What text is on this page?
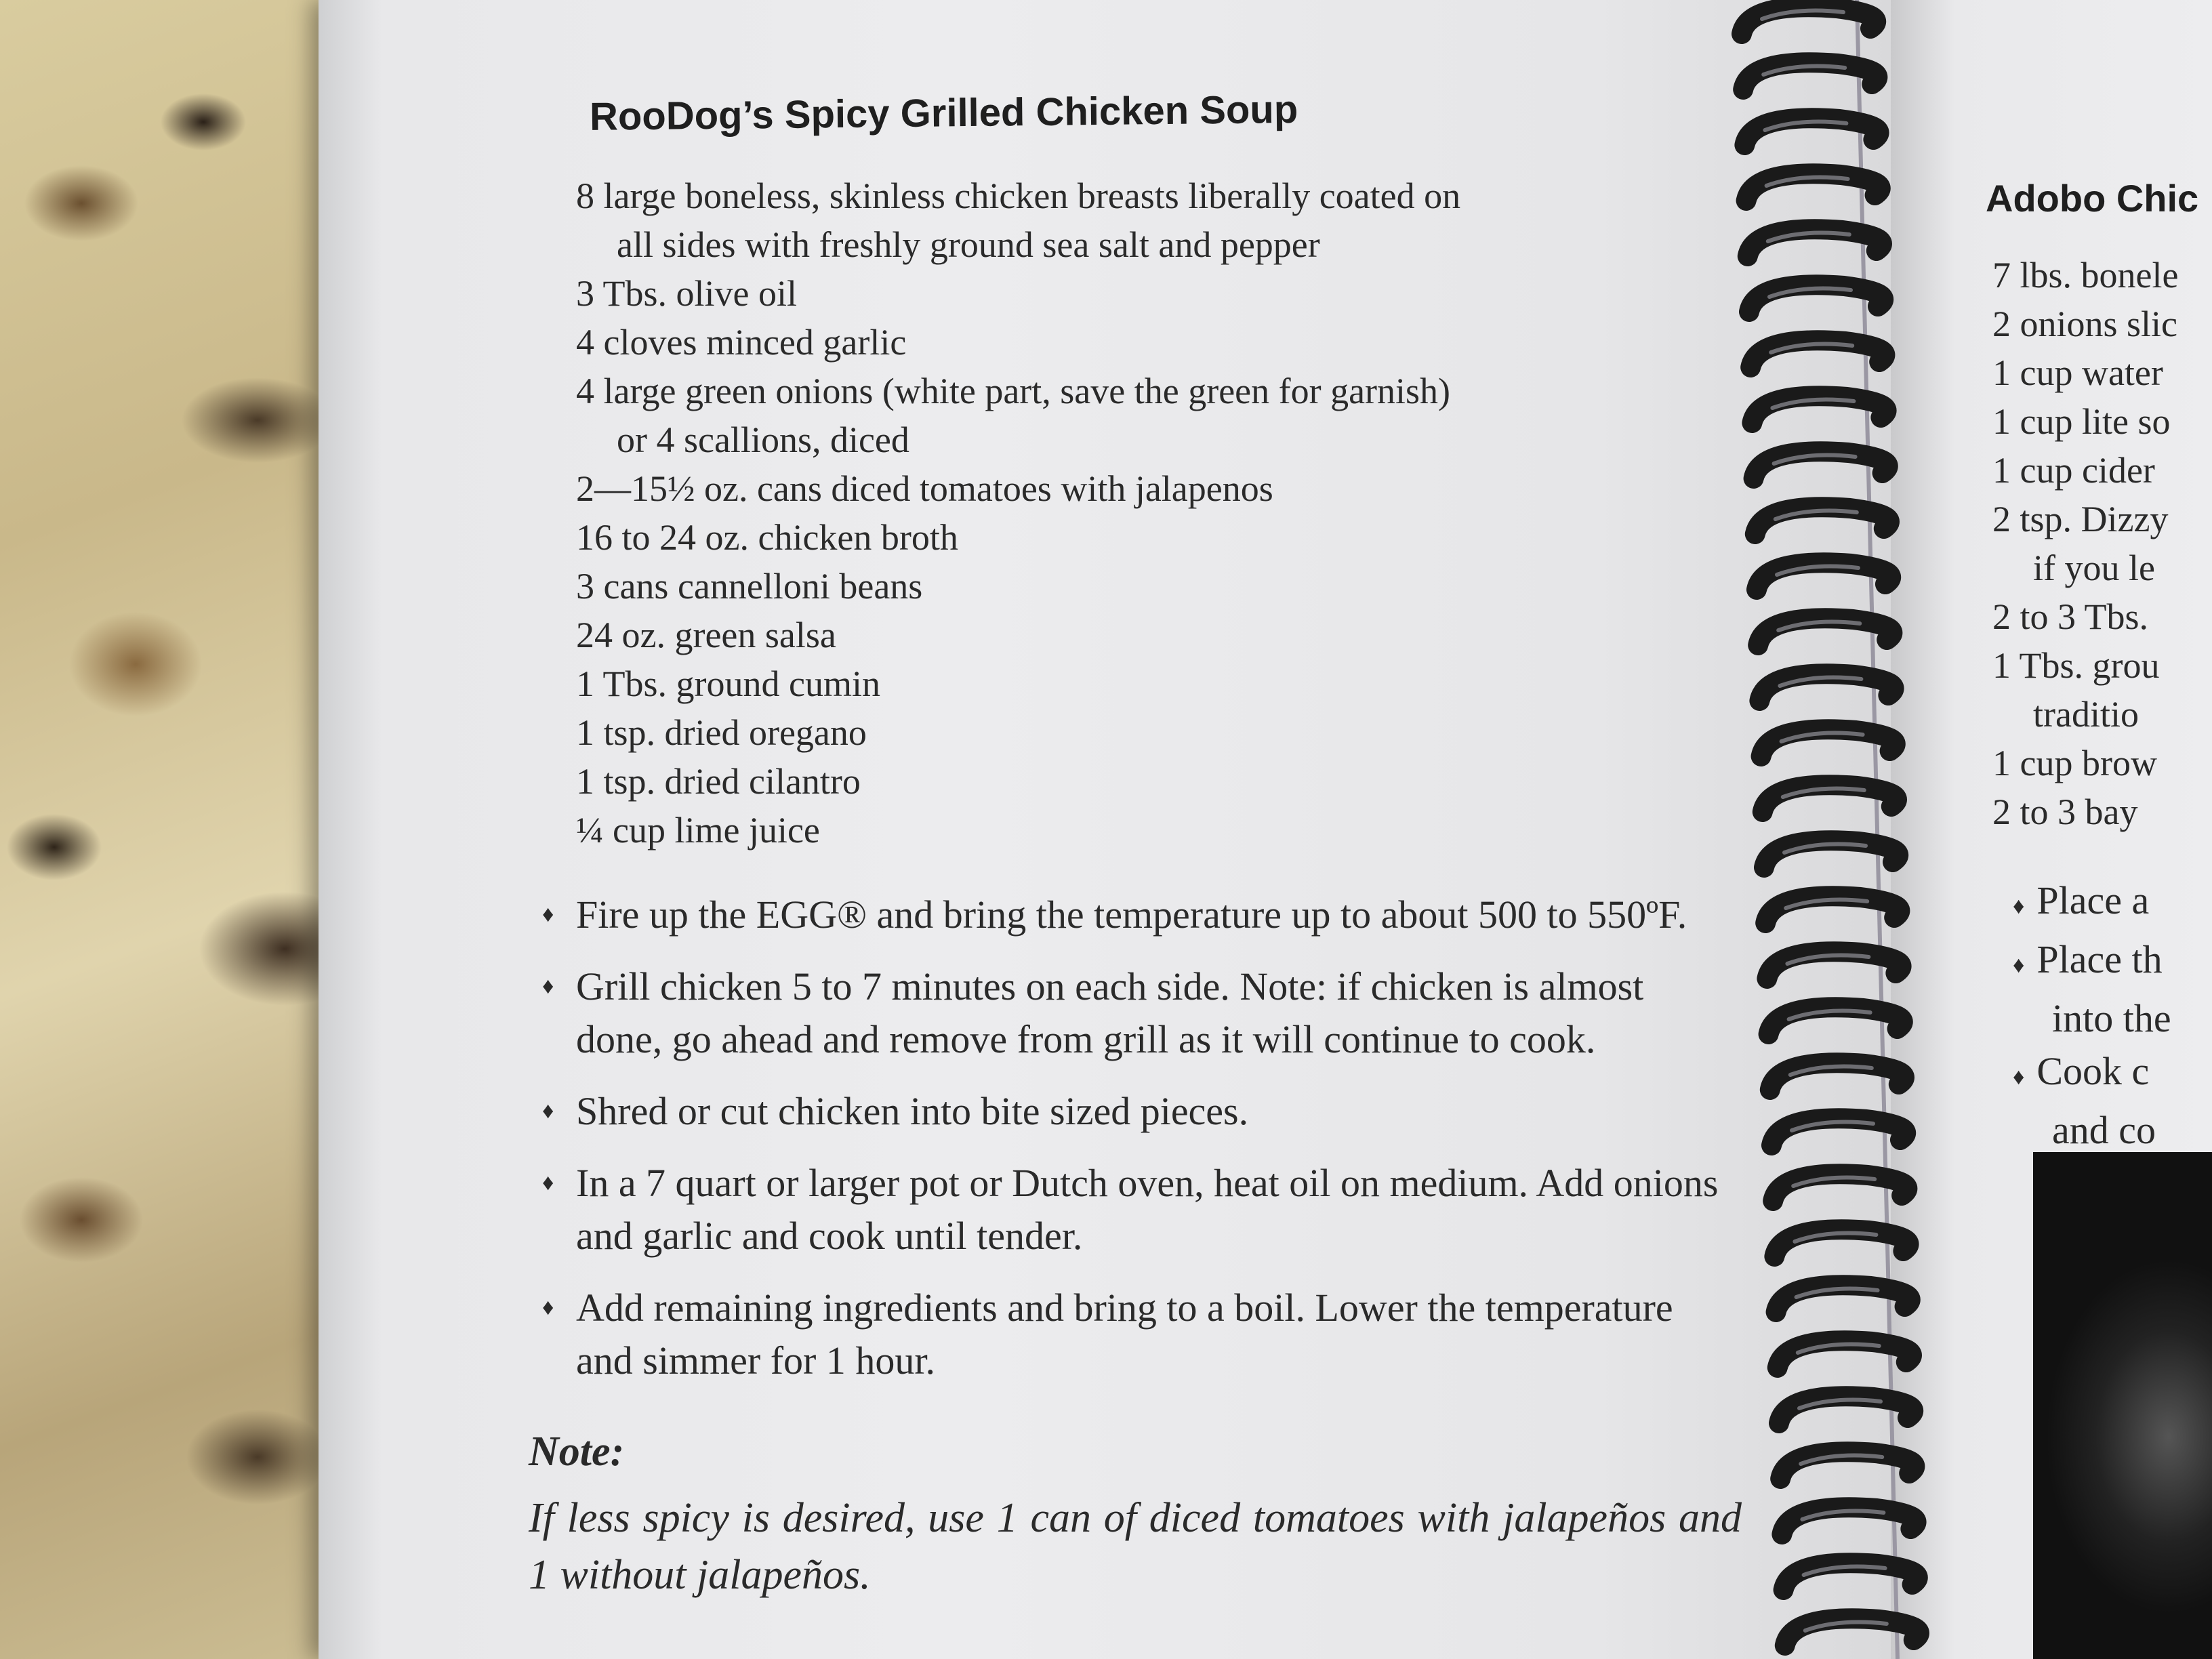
Adobo Chic
7 lbs. bonele
2 onions slic
1 cup water
1 cup lite so
1 cup cider
2 tsp. Dizzy
if you le
2 to 3 Tbs.
1 Tbs. grou
traditio
1 cup brow
2 to 3 bay
♦ Place a
♦ Place th
into the
♦ Cook c
and co
RooDog’s Spicy Grilled Chicken Soup
8 large boneless, skinless chicken breasts liberally coated on
all sides with freshly ground sea salt and pepper
3 Tbs. olive oil
4 cloves minced garlic
4 large green onions (white part, save the green for garnish)
or 4 scallions, diced
2—15½ oz. cans diced tomatoes with jalapenos
16 to 24 oz. chicken broth
3 cans cannelloni beans
24 oz. green salsa
1 Tbs. ground cumin
1 tsp. dried oregano
1 tsp. dried cilantro
¼ cup lime juice
♦ Fire up the EGG® and bring the temperature up to about 500 to 550ºF.
♦ Grill chicken 5 to 7 minutes on each side. Note: if chicken is almost done, go ahead and remove from grill as it will continue to cook.
♦ Shred or cut chicken into bite sized pieces.
♦ In a 7 quart or larger pot or Dutch oven, heat oil on medium. Add onions and garlic and cook until tender.
♦ Add remaining ingredients and bring to a boil. Lower the temperature and simmer for 1 hour.
Note:
If less spicy is desired, use 1 can of diced tomatoes with jalapeños and 1 without jalapeños.
